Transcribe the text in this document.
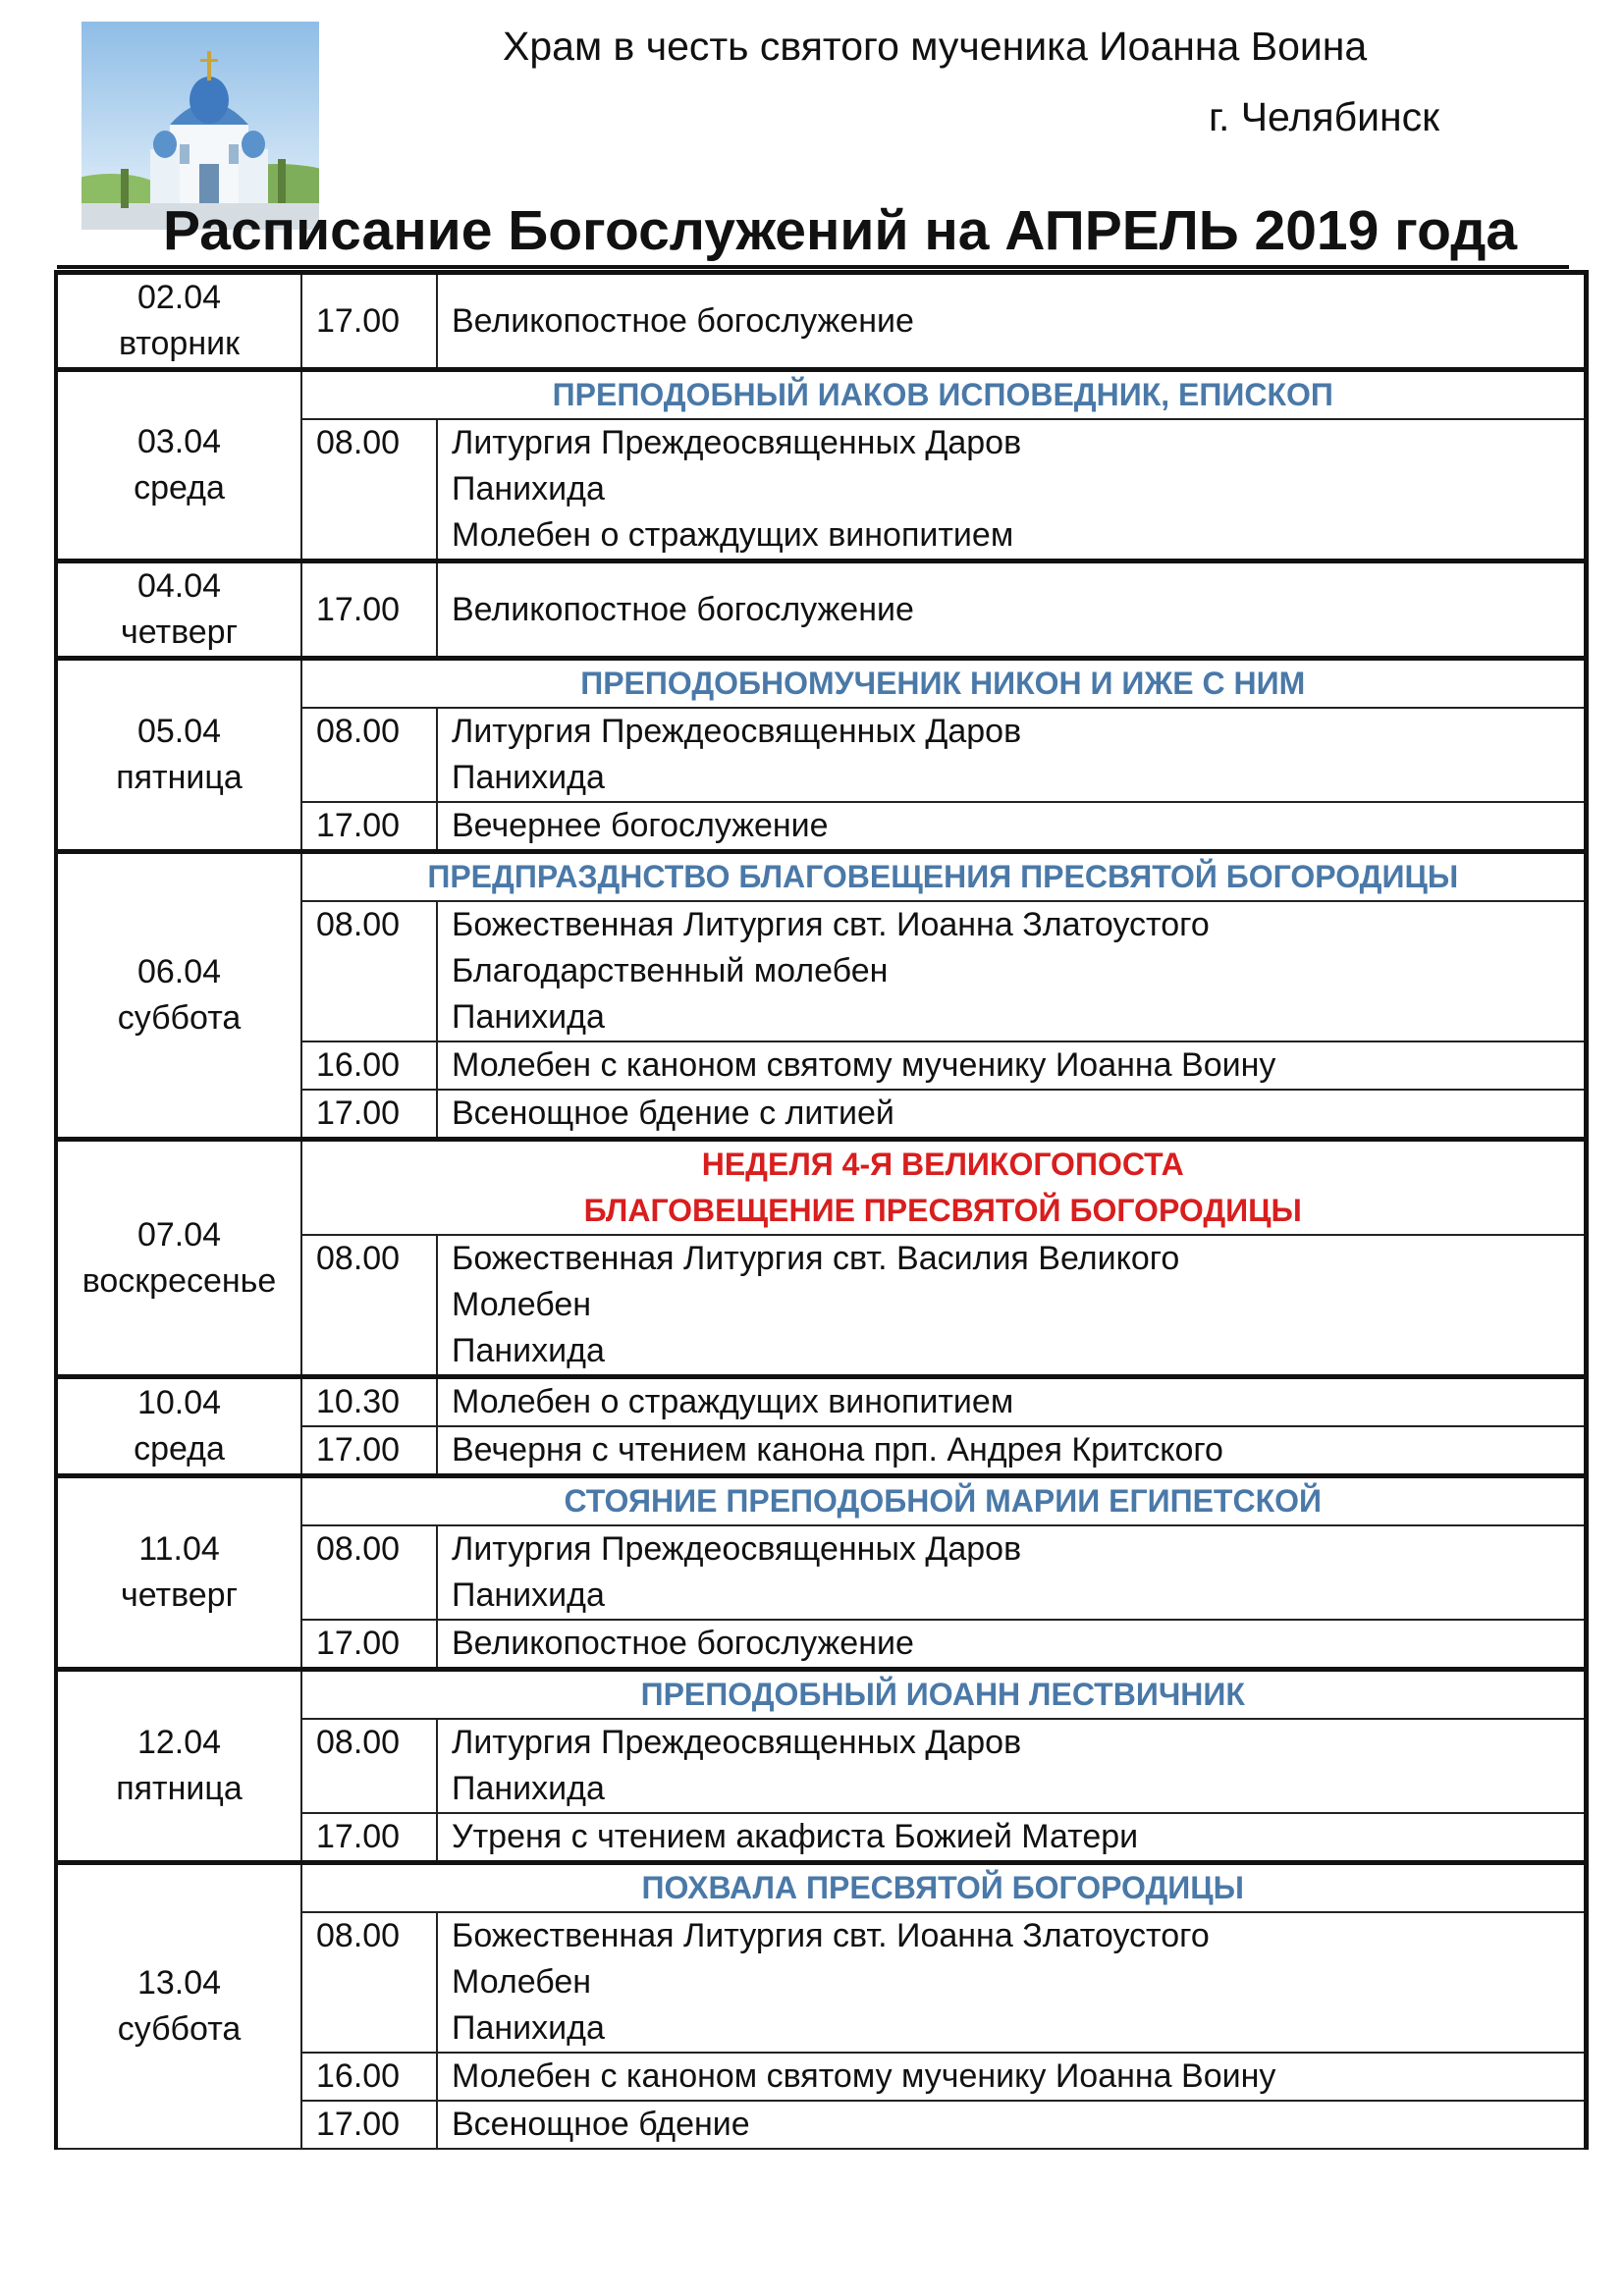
Храм в честь святого мученика Иоанна Воина
г. Челябинск
Расписание Богослужений на АПРЕЛЬ 2019 года
02.04
вторник	17.00	Великопостное богослужение

03.04
среда	ПРЕПОДОБНЫЙ ИАКОВ ИСПОВЕДНИК, ЕПИСКОП	

	08.00	Литургия Преждеосвященных Даров
Панихида
Молебен о страждущих винопитием

04.04
четверг	17.00	Великопостное богослужение

05.04
пятница	ПРЕПОДОБНОМУЧЕНИК НИКОН И ИЖЕ С НИМ	

	08.00	Литургия Преждеосвященных Даров
Панихида

	17.00	Вечернее богослужение

06.04
суббота	ПРЕДПРАЗДНСТВО БЛАГОВЕЩЕНИЯ ПРЕСВЯТОЙ БОГОРОДИЦЫ	

	08.00	Божественная Литургия свт. Иоанна Златоустого
Благодарственный молебен
Панихида

	16.00	Молебен с каноном святому мученику Иоанна Воину

	17.00	Всенощное бдение с литией

07.04
воскресенье	НЕДЕЛЯ 4-Я ВЕЛИКОГОПОСТА
БЛАГОВЕЩЕНИЕ ПРЕСВЯТОЙ БОГОРОДИЦЫ	

	08.00	Божественная Литургия свт. Василия Великого
Молебен
Панихида

10.04
среда	10.30	Молебен о страждущих винопитием

	17.00	Вечерня с чтением канона прп. Андрея Критского

11.04
четверг	СТОЯНИЕ ПРЕПОДОБНОЙ МАРИИ ЕГИПЕТСКОЙ	

	08.00	Литургия Преждеосвященных Даров
Панихида

	17.00	Великопостное богослужение

12.04
пятница	ПРЕПОДОБНЫЙ ИОАНН ЛЕСТВИЧНИК	

	08.00	Литургия Преждеосвященных Даров
Панихида

	17.00	Утреня с чтением акафиста Божией Матери

13.04
суббота	ПОХВАЛА ПРЕСВЯТОЙ БОГОРОДИЦЫ	

	08.00	Божественная Литургия свт. Иоанна Златоустого
Молебен
Панихида

	16.00	Молебен с каноном святому мученику Иоанна Воину

	17.00	Всенощное бдение
